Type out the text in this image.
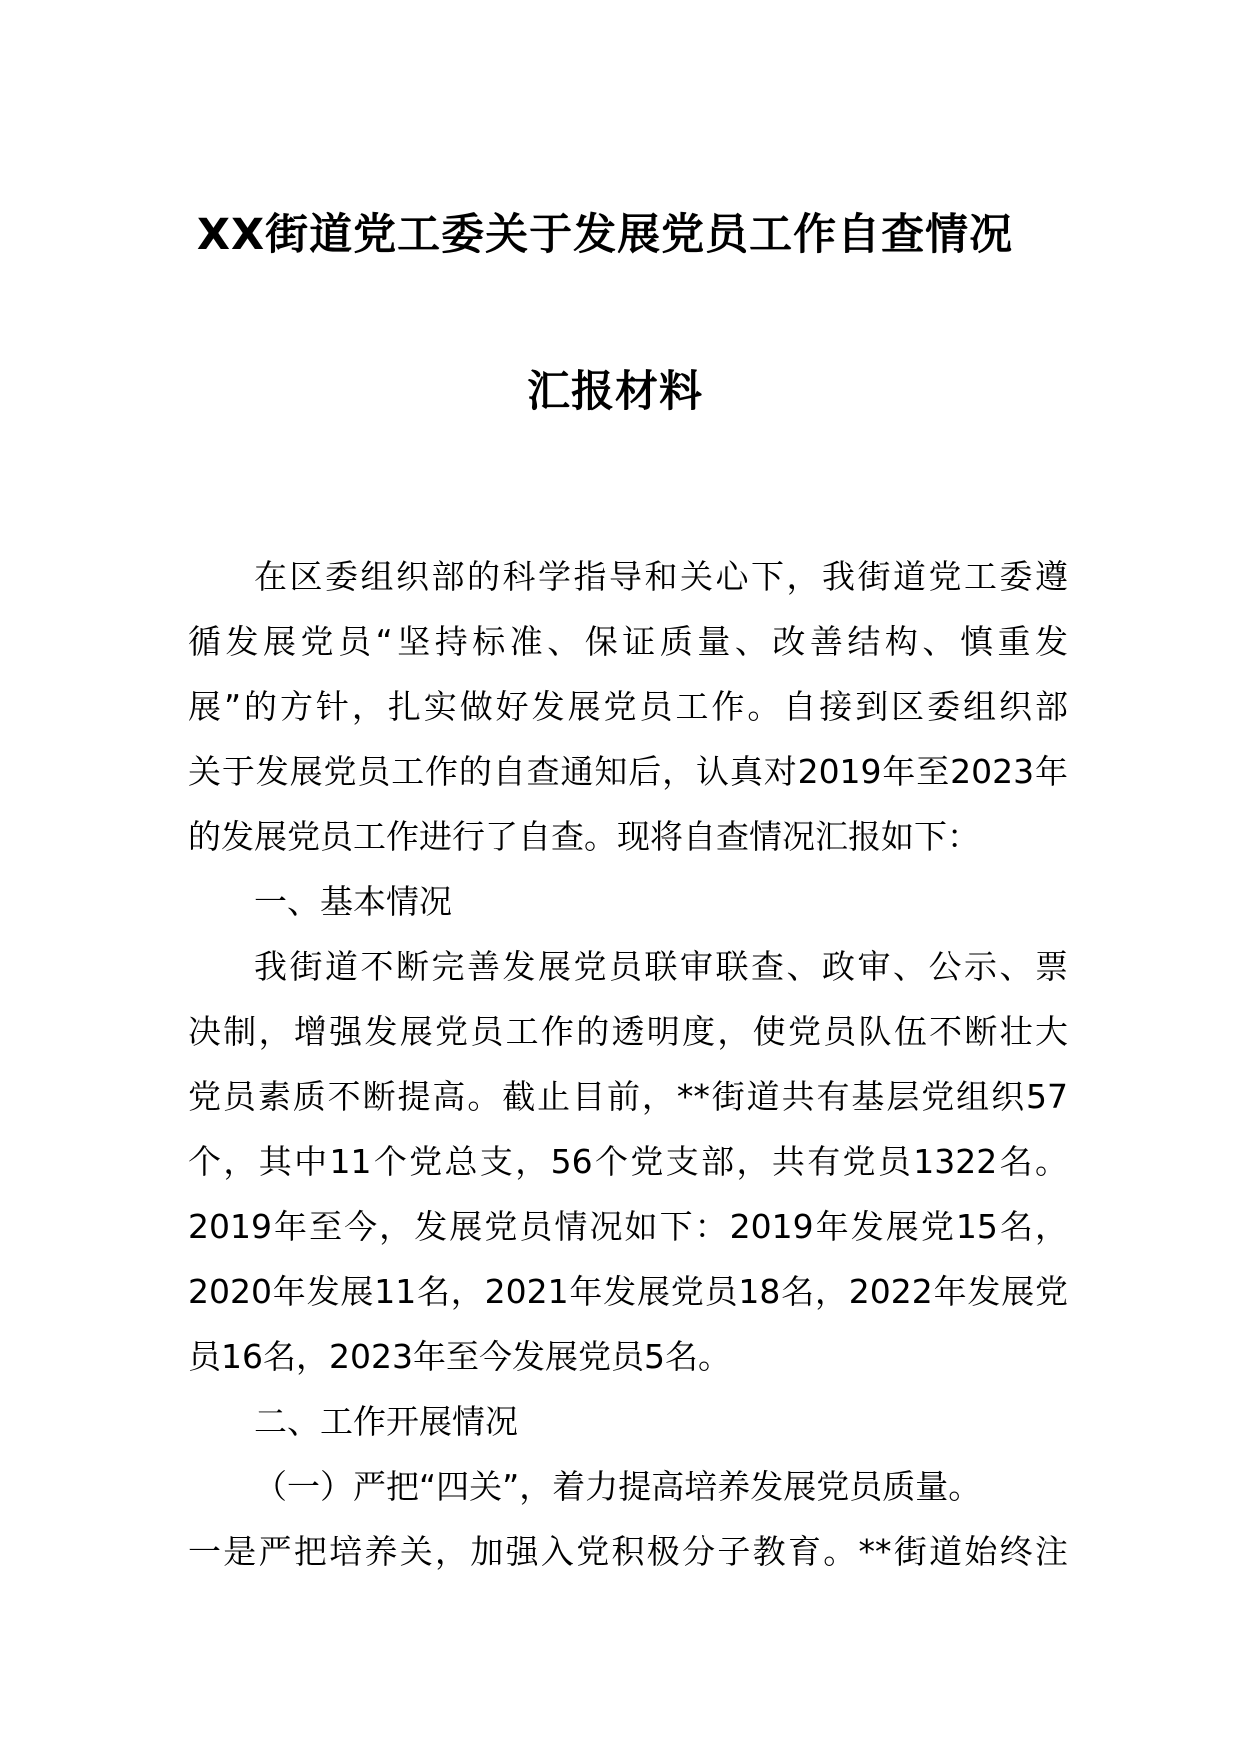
XX街道党工委关于发展党员工作自查情况
汇报材料
在区委组织部的科学指导和关心下，我街道党工委遵
循发展党员“坚持标准、保证质量、改善结构、慎重发
展”的方针，扎实做好发展党员工作。自接到区委组织部
关于发展党员工作的自查通知后，认真对2019年至2023年
的发展党员工作进行了自查。现将自查情况汇报如下：
一、基本情况
我街道不断完善发展党员联审联查、政审、公示、票
决制，增强发展党员工作的透明度，使党员队伍不断壮大
党员素质不断提高。截止目前，**街道共有基层党组织57
个，其中11个党总支，56个党支部，共有党员1322名。
2019年至今，发展党员情况如下：2019年发展党15名，
2020年发展11名，2021年发展党员18名，2022年发展党
员16名，2023年至今发展党员5名。
二、工作开展情况
（一）严把“四关”，着力提高培养发展党员质量。
一是严把培养关，加强入党积极分子教育。**街道始终注
